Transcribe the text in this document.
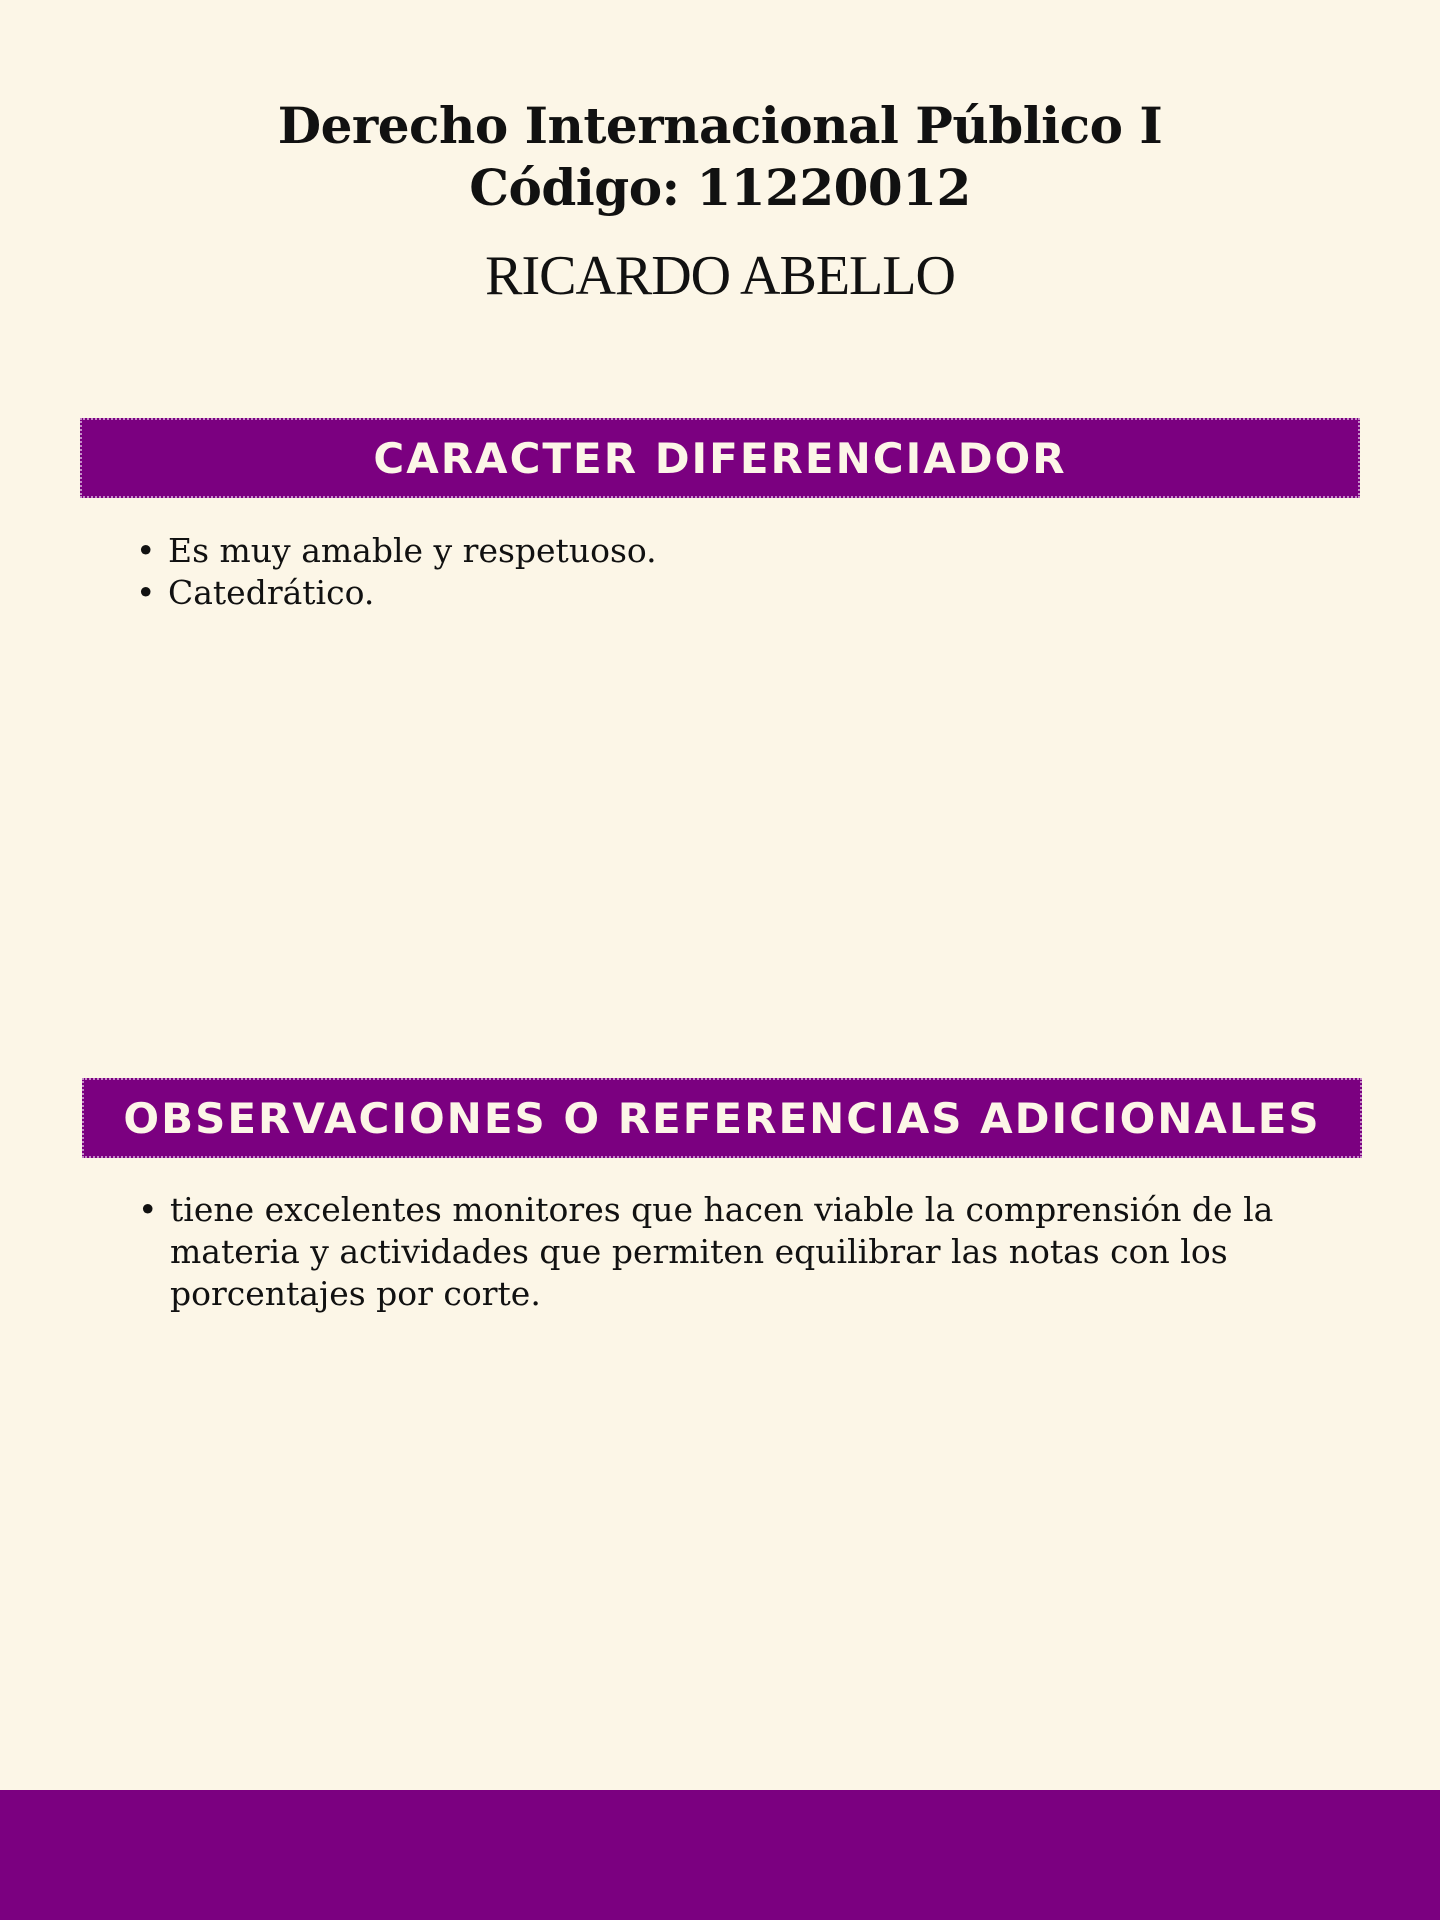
Derecho Internacional Público I
Código: 11220012
RICARDO ABELLO
CARACTER DIFERENCIADOR
• Es muy amable y respetuoso.
• Catedrático.
OBSERVACIONES O REFERENCIAS ADICIONALES
• tiene excelentes monitores que hacen viable la comprensión de la materia y actividades que permiten equilibrar las notas con los porcentajes por corte.
